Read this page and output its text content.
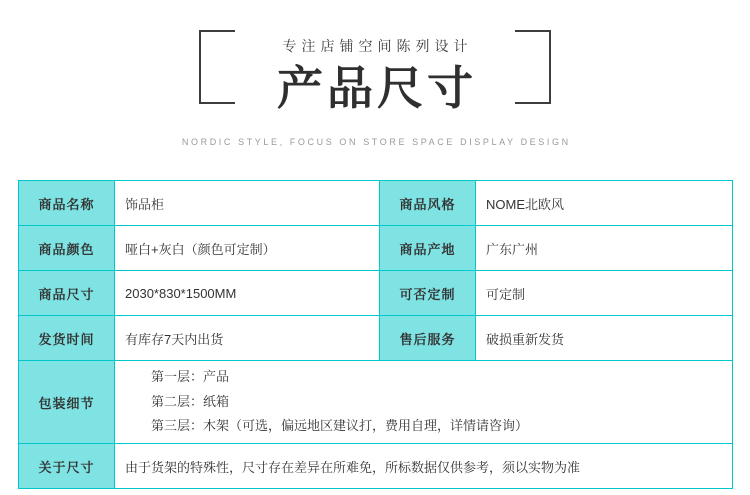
专注店铺空间陈列设计
产品尺寸
NORDIC STYLE, FOCUS ON STORE SPACE DISPLAY DESIGN
商品名称	饰品柜	商品风格	NOME北欧风
商品颜色	哑白+灰白（颜色可定制）	商品产地	广东广州
商品尺寸	2030*830*1500MM	可否定制	可定制
发货时间	有库存7天内出货	售后服务	破损重新发货
包装细节	第一层：产品
第二层：纸箱
第三层：木架（可选，偏远地区建议打，费用自理，详情请咨询）		

关于尺寸	由于货架的特殊性，尺寸存在差异在所难免，所标数据仅供参考，须以实物为准		
